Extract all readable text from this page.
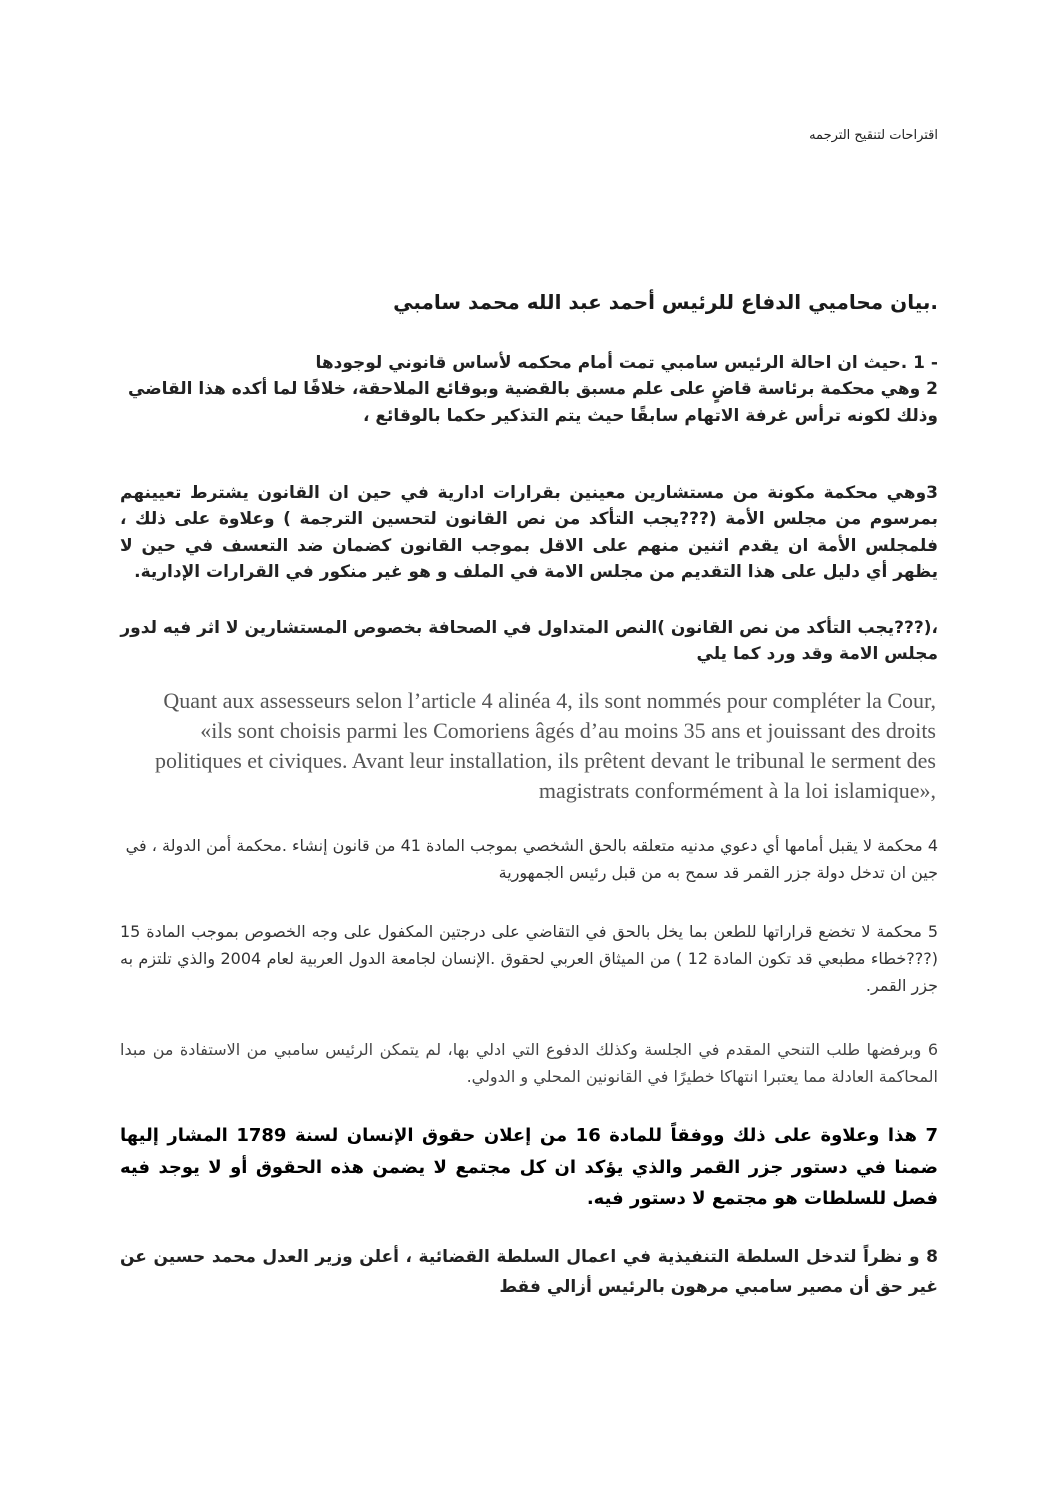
اقتراحات لتنقيح الترجمه
.بيان محاميي الدفاع للرئيس أحمد عبد الله محمد سامبي

- 1 .حيث ان احالة الرئيس سامبي تمت أمام محكمه لأساس قانوني لوجودها

2 وهي محكمة برئاسة قاضٍ على علم مسبق بالقضية وبوقائع الملاحقة، خلافًا لما أكده هذا القاضي وذلك لكونه ترأس غرفة الاتهام سابقًا حيث يتم التذكير حكما بالوقائع ،

3وهي محكمة مكونة من مستشارين معينين بقرارات ادارية في حين ان القانون يشترط تعيينهم بمرسوم من مجلس الأمة (???يجب التأكد من نص القانون لتحسين الترجمة ) وعلاوة على ذلك ، فلمجلس الأمة ان يقدم اثنين منهم على الاقل بموجب القانون كضمان ضد التعسف في حين لا يظهر أي دليل على هذا التقديم من مجلس الامة في الملف و هو غير منكور في القرارات الإدارية.
،(???يجب التأكد من نص القانون )النص المتداول في الصحافة بخصوص المستشارين لا اثر فيه لدور مجلس الامة وقد ورد كما يلي
Quant aux assesseurs selon l’article 4 alinéa 4, ils sont nommés pour compléter la Cour, «ils sont choisis parmi les Comoriens âgés d’au moins 35 ans et jouissant des droits politiques et civiques. Avant leur installation, ils prêtent devant le tribunal le serment des magistrats conformément à la loi islamique»,
4 محكمة لا يقبل أمامها أي دعوي مدنيه متعلقه بالحق الشخصي بموجب المادة 41 من قانون إنشاء .محكمة أمن الدولة ، في جين ان تدخل دولة جزر القمر قد سمح به من قبل رئيس الجمهورية
5 محكمة لا تخضع قراراتها للطعن بما يخل بالحق في التقاضي على درجتين المكفول على وجه الخصوص بموجب المادة 15 (???خطاء مطبعي قد تكون المادة 12 ) من الميثاق العربي لحقوق .الإنسان لجامعة الدول العربية لعام 2004 والذي تلتزم به جزر القمر.
6 وبرفضها طلب التنحي المقدم في الجلسة وكذلك الدفوع التي ادلي بها، لم يتمكن الرئيس سامبي من الاستفادة من مبدا المحاكمة العادلة مما يعتبرا انتهاكا خطيرًا في القانونين المحلي و الدولي.
7 هذا وعلاوة على ذلك ووفقاً للمادة 16 من إعلان حقوق الإنسان لسنة 1789 المشار إليها ضمنا في دستور جزر القمر والذي يؤكد ان كل مجتمع لا يضمن هذه الحقوق أو لا يوجد فيه فصل للسلطات هو مجتمع لا دستور فيه.
8 و نظراً لتدخل السلطة التنفيذية في اعمال السلطة القضائية ، أعلن وزير العدل محمد حسين عن غير حق أن مصير سامبي مرهون بالرئيس أزالي فقط
